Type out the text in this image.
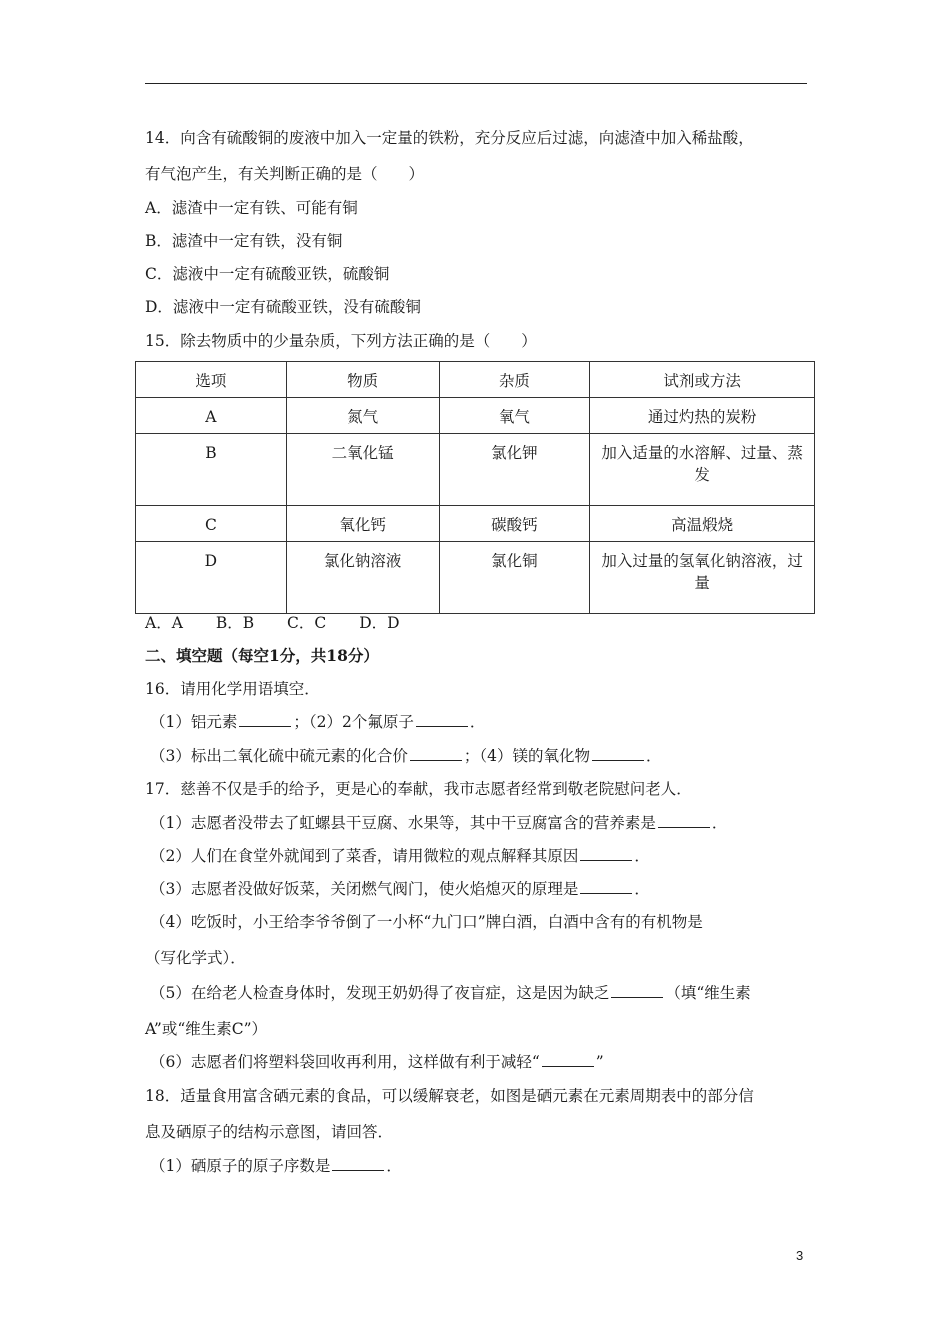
14．向含有硫酸铜的废液中加入一定量的铁粉，充分反应后过滤，向滤渣中加入稀盐酸，
有气泡产生，有关判断正确的是（　　）
A．滤渣中一定有铁、可能有铜
B．滤渣中一定有铁，没有铜
C．滤液中一定有硫酸亚铁，硫酸铜
D．滤液中一定有硫酸亚铁，没有硫酸铜
15．除去物质中的少量杂质，下列方法正确的是（　　）
选项	物质	杂质	试剂或方法
A	氮气	氧气	通过灼热的炭粉
B	二氧化锰	氯化钾	加入适量的水溶解、过量、蒸发
C	氧化钙	碳酸钙	高温煅烧
D	氯化钠溶液	氯化铜	加入过量的氢氧化钠溶液，过量
A．A B．B C．C D．D
二、填空题（每空1分，共18分）
16．请用化学用语填空．
（1）铝元素	；（2）2个氟原子	．
（3）标出二氧化硫中硫元素的化合价	；（4）镁的氧化物	．
17．慈善不仅是手的给予，更是心的奉献，我市志愿者经常到敬老院慰问老人．
（1）志愿者没带去了虹螺县干豆腐、水果等，其中干豆腐富含的营养素是	．
（2）人们在食堂外就闻到了菜香，请用微粒的观点解释其原因	．
（3）志愿者没做好饭菜，关闭燃气阀门，使火焰熄灭的原理是	．
（4）吃饭时，小王给李爷爷倒了一小杯“九门口”牌白酒，白酒中含有的有机物是
（写化学式）．
（5）在给老人检查身体时，发现王奶奶得了夜盲症，这是因为缺乏	（填“维生素
A”或“维生素C”）
（6）志愿者们将塑料袋回收再利用，这样做有利于减轻“	”
18．适量食用富含硒元素的食品，可以缓解衰老，如图是硒元素在元素周期表中的部分信
息及硒原子的结构示意图，请回答．
（1）硒原子的原子序数是	．
3
